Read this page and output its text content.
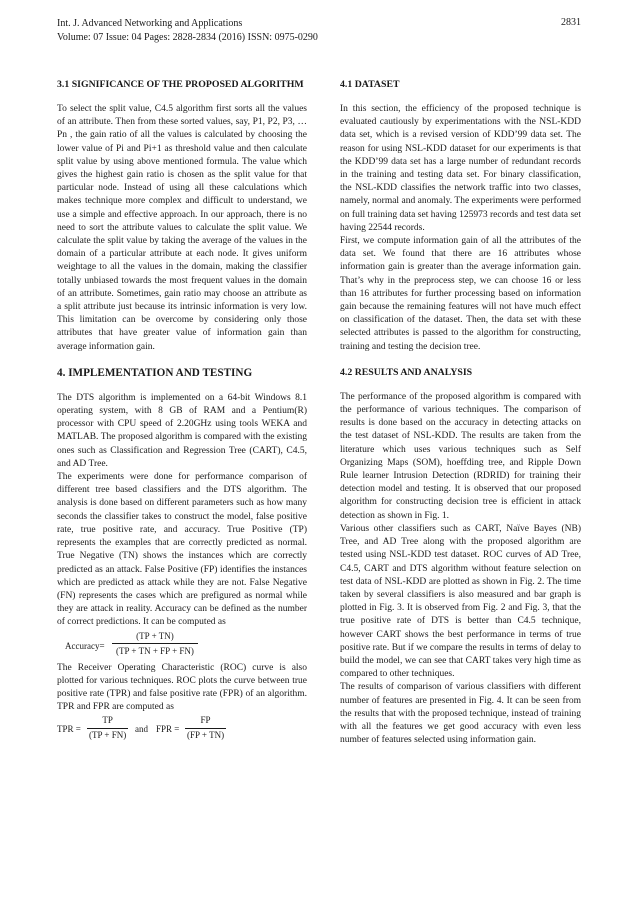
Int. J. Advanced Networking and Applications
Volume: 07 Issue: 04 Pages: 2828-2834 (2016) ISSN: 0975-0290
2831
3.1 SIGNIFICANCE OF THE PROPOSED ALGORITHM

To select the split value, C4.5 algorithm first sorts all the values of an attribute. Then from these sorted values, say, P1, P2, P3, … Pn , the gain ratio of all the values is calculated by choosing the lower value of Pi and Pi+1 as threshold value and then calculate split value by using above mentioned formula. The value which gives the highest gain ratio is chosen as the split value for that particular node. Instead of using all these calculations which makes technique more complex and difficult to understand, we use a simple and effective approach. In our approach, there is no need to sort the attribute values to calculate the split value. We calculate the split value by taking the average of the values in the domain of a particular attribute at each node. It gives uniform weightage to all the values in the domain, making the classifier totally unbiased towards the most frequent values in the domain of an attribute. Sometimes, gain ratio may choose an attribute as a split attribute just because its intrinsic information is very low. This limitation can be overcome by considering only those attributes that have greater value of information gain than average information gain.

4. IMPLEMENTATION AND TESTING

The DTS algorithm is implemented on a 64-bit Windows 8.1 operating system, with 8 GB of RAM and a Pentium(R) processor with CPU speed of 2.20GHz using tools WEKA and MATLAB. The proposed algorithm is compared with the existing ones such as Classification and Regression Tree (CART), C4.5, and AD Tree.

The experiments were done for performance comparison of different tree based classifiers and the DTS algorithm. The analysis is done based on different parameters such as how many seconds the classifier takes to construct the model, false positive rate, true positive rate, and accuracy. True Positive (TP) represents the examples that are correctly predicted as normal. True Negative (TN) shows the instances which are correctly predicted as an attack. False Positive (FP) identifies the instances which are predicted as attack while they are not. False Negative (FN) represents the cases which are prefigured as normal while they are attack in reality. Accuracy can be defined as the number of correct predictions. It can be computed as

Accuracy= $\frac{(TP + TN)}{(TP + TN + FP + FN)}$

The Receiver Operating Characteristic (ROC) curve is also plotted for various techniques. ROC plots the curve between true positive rate (TPR) and false positive rate (FPR) of an algorithm. TPR and FPR are computed as

TPR = $\frac{TP}{(TP + FN)}$ and FPR = $\frac{FP}{(FP + TN)}$
4.1 DATASET

In this section, the efficiency of the proposed technique is evaluated cautiously by experimentations with the NSL-KDD data set, which is a revised version of KDD’99 data set. The reason for using NSL-KDD dataset for our experiments is that the KDD’99 data set has a large number of redundant records in the training and testing data set. For binary classification, the NSL-KDD classifies the network traffic into two classes, namely, normal and anomaly. The experiments were performed on full training data set having 125973 records and test data set having 22544 records.

First, we compute information gain of all the attributes of the data set. We found that there are 16 attributes whose information gain is greater than the average information gain. That’s why in the preprocess step, we can choose 16 or less than 16 attributes for further processing based on information gain because the remaining features will not have much effect on classification of the dataset. Then, the data set with these selected attributes is passed to the algorithm for constructing, training and testing the decision tree.

4.2 RESULTS AND ANALYSIS

The performance of the proposed algorithm is compared with the performance of various techniques. The comparison of results is done based on the accuracy in detecting attacks on the test dataset of NSL-KDD. The results are taken from the literature which uses various techniques such as Self Organizing Maps (SOM), hoeffding tree, and Ripple Down Rule learner Intrusion Detection (RDRID) for training their detection model and testing. It is observed that our proposed algorithm for constructing decision tree is efficient in attack detection as shown in Fig. 1.

Various other classifiers such as CART, Naïve Bayes (NB) Tree, and AD Tree along with the proposed algorithm are tested using NSL-KDD test dataset. ROC curves of AD Tree, C4.5, CART and DTS algorithm without feature selection on test data of NSL-KDD are plotted as shown in Fig. 2. The time taken by several classifiers is also measured and bar graph is plotted in Fig. 3. It is observed from Fig. 2 and Fig. 3, that the true positive rate of DTS is better than C4.5 technique, however CART shows the best performance in terms of true positive rate. But if we compare the results in terms of delay to build the model, we can see that CART takes very high time as compared to other techniques.

The results of comparison of various classifiers with different number of features are presented in Fig. 4. It can be seen from the results that with the proposed technique, instead of training with all the features we get good accuracy with even less number of features selected using information gain.
